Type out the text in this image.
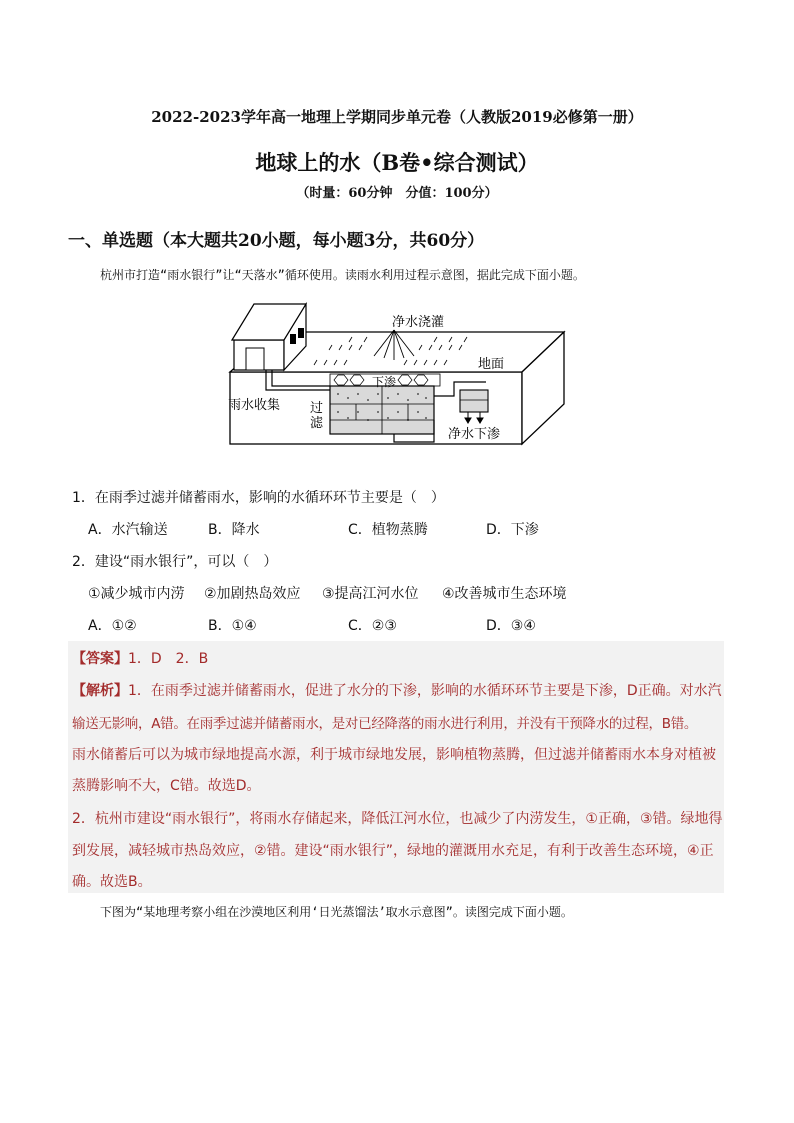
2022-2023学年高一地理上学期同步单元卷（人教版2019必修第一册）
地球上的水（B卷•综合测试）
（时量：60分钟　分值：100分）
一、单选题（本大题共20小题，每小题3分，共60分）
杭州市打造“雨水银行”让“天落水”循环使用。读雨水利用过程示意图，据此完成下面小题。
净水浇灌
地面
下渗
雨水收集 过
滤
净水下渗
1．在雨季过滤并储蓄雨水，影响的水循环环节主要是（　）
A．水汽输送	B．降水	C．植物蒸腾	D．下渗
2．建设“雨水银行”，可以（　）
①减少城市内涝 ②加剧热岛效应 ③提高江河水位 ④改善城市生态环境
A．①②	B．①④	C．②③	D．③④
【答案】1．D　2．B
【解析】1．在雨季过滤并储蓄雨水，促进了水分的下渗，影响的水循环环节主要是下渗，D正确。对水汽
输送无影响，A错。在雨季过滤并储蓄雨水，是对已经降落的雨水进行利用，并没有干预降水的过程，B错。
雨水储蓄后可以为城市绿地提高水源，利于城市绿地发展，影响植物蒸腾，但过滤并储蓄雨水本身对植被
蒸腾影响不大，C错。故选D。
2．杭州市建设“雨水银行”，将雨水存储起来，降低江河水位，也减少了内涝发生，①正确，③错。绿地得
到发展，减轻城市热岛效应，②错。建设“雨水银行”，绿地的灌溉用水充足，有利于改善生态环境，④正
确。故选B。
下图为“某地理考察小组在沙漠地区利用‘日光蒸馏法’取水示意图”。读图完成下面小题。
